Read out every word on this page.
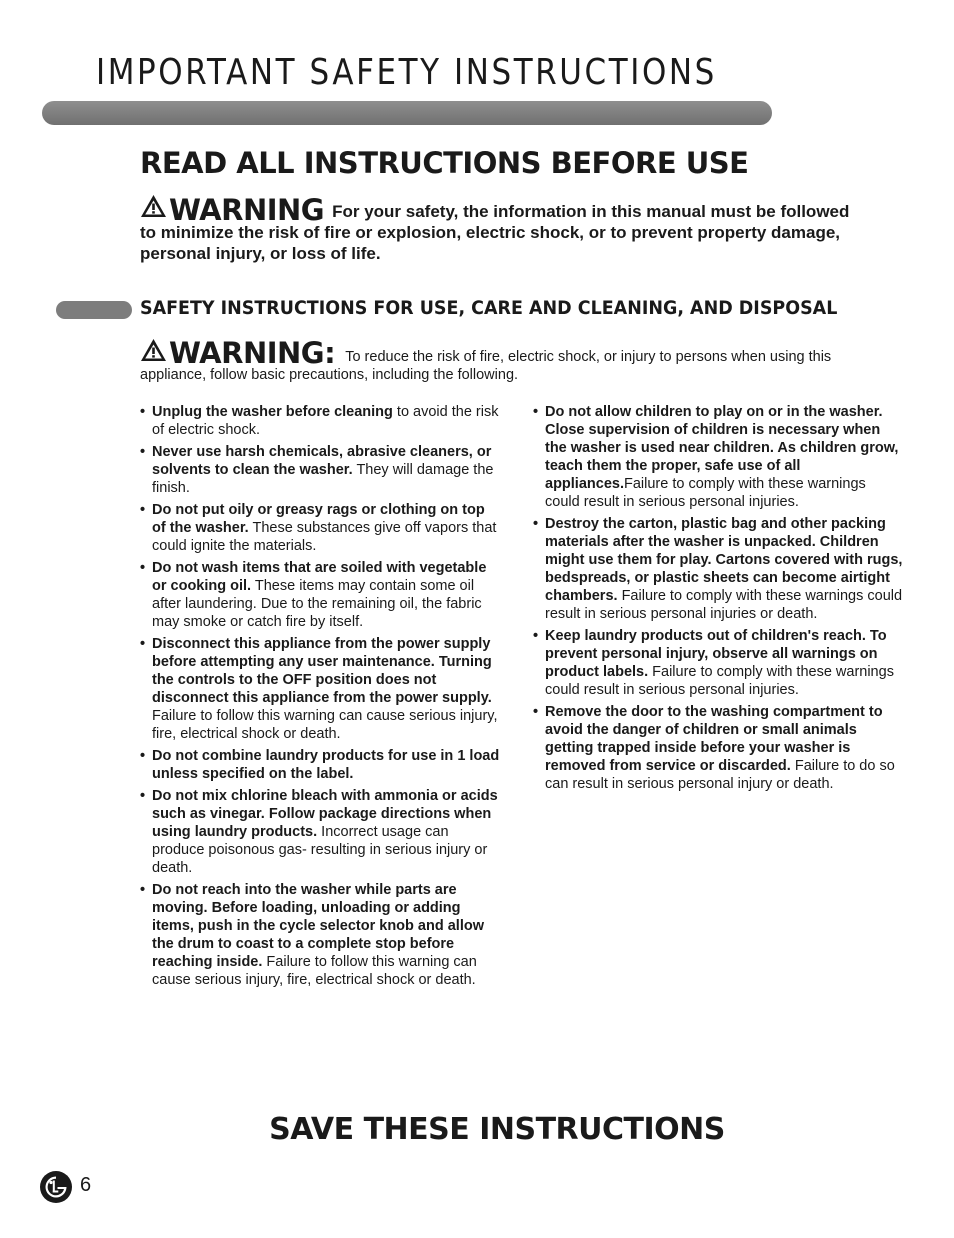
IMPORTANT SAFETY INSTRUCTIONS
READ ALL INSTRUCTIONS BEFORE USE
WARNING For your safety, the information in this manual must be followed to minimize the risk of fire or explosion, electric shock, or to prevent property damage, personal injury, or loss of life.
SAFETY INSTRUCTIONS FOR USE, CARE AND CLEANING, AND DISPOSAL
WARNING: To reduce the risk of fire, electric shock, or injury to persons when using this appliance, follow basic precautions, including the following.
• Unplug the washer before cleaning to avoid the risk of electric shock.
• Never use harsh chemicals, abrasive cleaners, or solvents to clean the washer. They will damage the finish.
• Do not put oily or greasy rags or clothing on top of the washer. These substances give off vapors that could ignite the materials.
• Do not wash items that are soiled with vegetable or cooking oil. These items may contain some oil after laundering. Due to the remaining oil, the fabric may smoke or catch fire by itself.
• Disconnect this appliance from the power supply before attempting any user maintenance. Turning the controls to the OFF position does not disconnect this appliance from the power supply. Failure to follow this warning can cause serious injury, fire, electrical shock or death.
• Do not combine laundry products for use in 1 load unless specified on the label.
• Do not mix chlorine bleach with ammonia or acids such as vinegar. Follow package directions when using laundry products. Incorrect usage can produce poisonous gas- resulting in serious injury or death.
• Do not reach into the washer while parts are moving. Before loading, unloading or adding items, push in the cycle selector knob and allow the drum to coast to a complete stop before reaching inside. Failure to follow this warning can cause serious injury, fire, electrical shock or death.
• Do not allow children to play on or in the washer. Close supervision of children is necessary when the washer is used near children. As children grow, teach them the proper, safe use of all appliances.Failure to comply with these warnings could result in serious personal injuries.
• Destroy the carton, plastic bag and other packing materials after the washer is unpacked. Children might use them for play. Cartons covered with rugs, bedspreads, or plastic sheets can become airtight chambers. Failure to comply with these warnings could result in serious personal injuries or death.
• Keep laundry products out of children's reach. To prevent personal injury, observe all warnings on product labels. Failure to comply with these warnings could result in serious personal injuries.
• Remove the door to the washing compartment to avoid the danger of children or small animals getting trapped inside before your washer is removed from service or discarded. Failure to do so can result in serious personal injury or death.
SAVE THESE INSTRUCTIONS
6
